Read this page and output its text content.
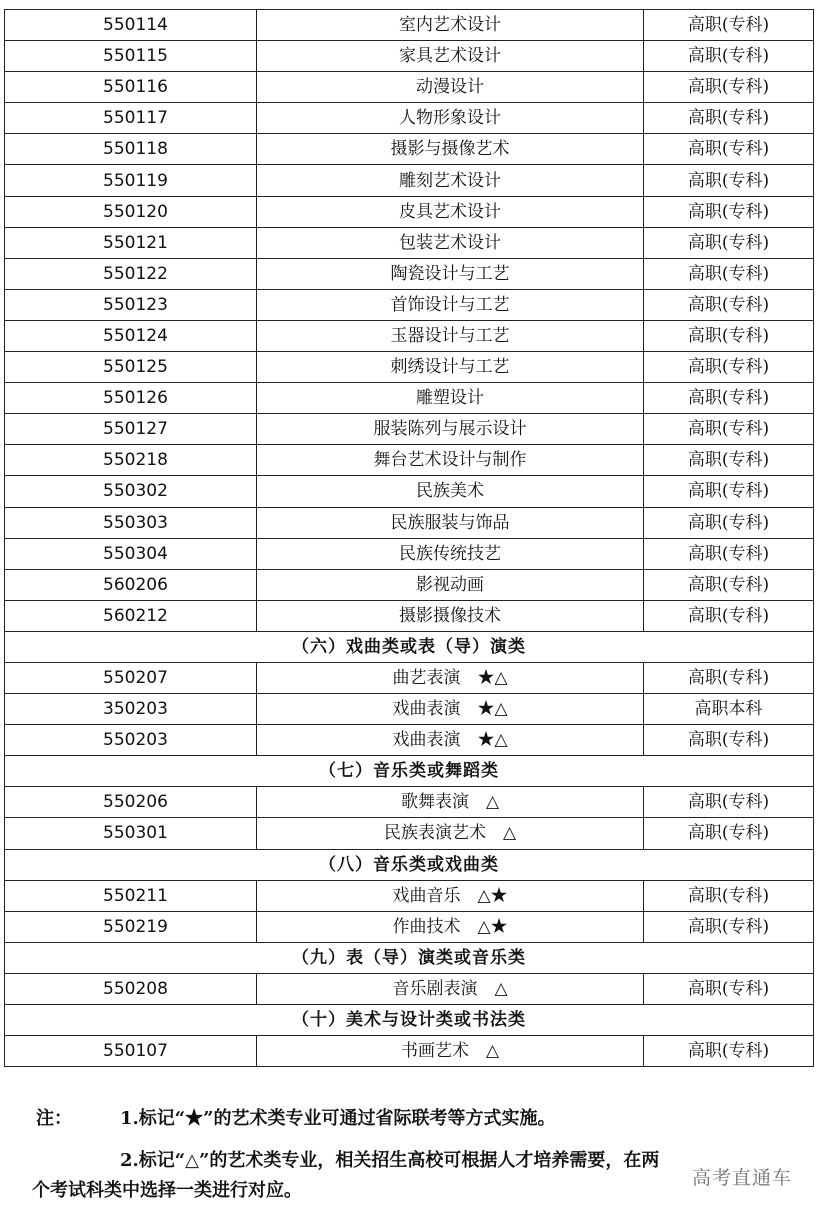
550114	室内艺术设计	高职(专科)
550115	家具艺术设计	高职(专科)
550116	动漫设计	高职(专科)
550117	人物形象设计	高职(专科)
550118	摄影与摄像艺术	高职(专科)
550119	雕刻艺术设计	高职(专科)
550120	皮具艺术设计	高职(专科)
550121	包装艺术设计	高职(专科)
550122	陶瓷设计与工艺	高职(专科)
550123	首饰设计与工艺	高职(专科)
550124	玉器设计与工艺	高职(专科)
550125	刺绣设计与工艺	高职(专科)
550126	雕塑设计	高职(专科)
550127	服装陈列与展示设计	高职(专科)
550218	舞台艺术设计与制作	高职(专科)
550302	民族美术	高职(专科)
550303	民族服装与饰品	高职(专科)
550304	民族传统技艺	高职(专科)
560206	影视动画	高职(专科)
560212	摄影摄像技术	高职(专科)
（六）戏曲类或表（导）演类		
550207	曲艺表演　★△	高职(专科)
350203	戏曲表演　★△	高职本科
550203	戏曲表演　★△	高职(专科)
（七）音乐类或舞蹈类		
550206	歌舞表演　△	高职(专科)
550301	民族表演艺术　△	高职(专科)
（八）音乐类或戏曲类		
550211	戏曲音乐　△★	高职(专科)
550219	作曲技术　△★	高职(专科)
（九）表（导）演类或音乐类		
550208	音乐剧表演　△	高职(专科)
（十）美术与设计类或书法类		
550107	书画艺术　△	高职(专科)
注：	1.标记“★”的艺术类专业可通过省际联考等方式实施。
2.标记“△”的艺术类专业，相关招生高校可根据人才培养需要，在两
个考试科类中选择一类进行对应。
高考直通车
